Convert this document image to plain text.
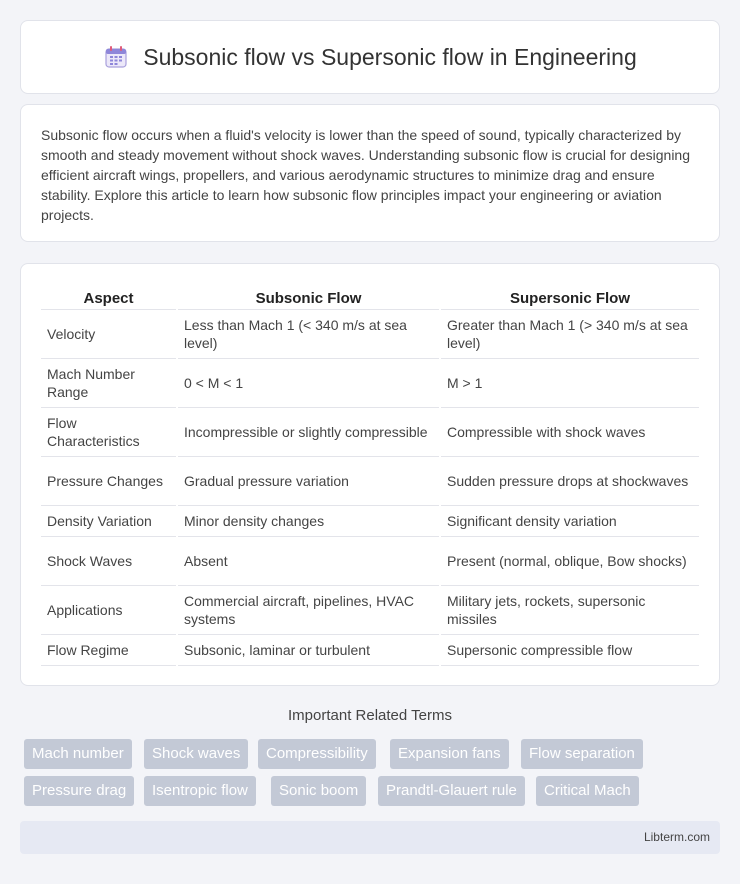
Subsonic flow vs Supersonic flow in Engineering

Subsonic flow occurs when a fluid's velocity is lower than the speed of sound, typically characterized by smooth and steady movement without shock waves. Understanding subsonic flow is crucial for designing efficient aircraft wings, propellers, and various aerodynamic structures to minimize drag and ensure stability. Explore this article to learn how subsonic flow principles impact your engineering or aviation projects.

Aspect	Subsonic Flow	Supersonic Flow
Velocity	Less than Mach 1 (< 340 m/s at sea level)	Greater than Mach 1 (> 340 m/s at sea level)
Mach Number Range	0 < M < 1	M > 1
Flow Characteristics	Incompressible or slightly compressible	Compressible with shock waves
Pressure Changes	Gradual pressure variation	Sudden pressure drops at shockwaves
Density Variation	Minor density changes	Significant density variation
Shock Waves	Absent	Present (normal, oblique, Bow shocks)
Applications	Commercial aircraft, pipelines, HVAC systems	Military jets, rockets, supersonic missiles
Flow Regime	Subsonic, laminar or turbulent	Supersonic compressible flow
Important Related Terms
Mach number	Shock waves	Compressibility	Expansion fans	Flow separation
Pressure drag	Isentropic flow	Sonic boom	Prandtl-Glauert rule	Critical Mach
Libterm.com
